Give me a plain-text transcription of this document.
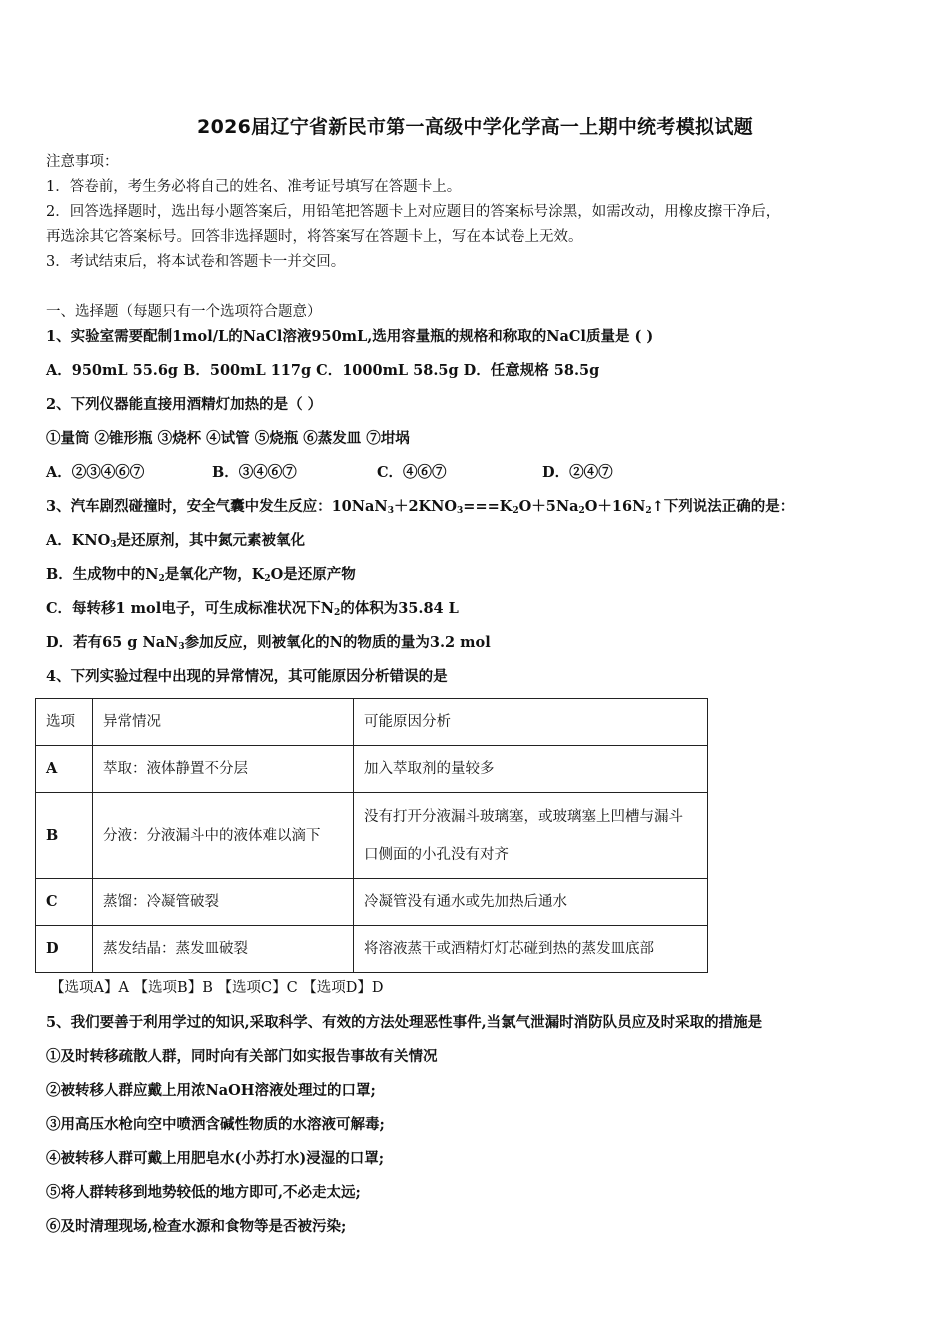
2026届辽宁省新民市第一高级中学化学高一上期中统考模拟试题
注意事项：
1．答卷前，考生务必将自己的姓名、准考证号填写在答题卡上。
2．回答选择题时，选出每小题答案后，用铅笔把答题卡上对应题目的答案标号涂黑，如需改动，用橡皮擦干净后，
再选涂其它答案标号。回答非选择题时，将答案写在答题卡上，写在本试卷上无效。
3．考试结束后，将本试卷和答题卡一并交回。
一、选择题（每题只有一个选项符合题意）
1、实验室需要配制1mol/L的NaCl溶液950mL,选用容量瓶的规格和称取的NaCl质量是 ( )
A．950mL 55.6g B．500mL 117g C．1000mL 58.5g D．任意规格 58.5g
2、下列仪器能直接用酒精灯加热的是（ ）
①量筒 ②锥形瓶 ③烧杯 ④试管 ⑤烧瓶 ⑥蒸发皿 ⑦坩埚
A．②③④⑥⑦	B．③④⑥⑦	C．④⑥⑦	D．②④⑦
3、汽车剧烈碰撞时，安全气囊中发生反应：$10NaN_3+2KNO_3===K_2O+5Na_2O+16N_2↑$下列说法正确的是：
A．$KNO_3$是还原剂，其中氮元素被氧化
B．生成物中的$N_2$是氧化产物，$K_2O$是还原产物
C．每转移1 mol电子，可生成标准状况下$N_2$的体积为35.84 L
D．若有65 g NaN$_3$参加反应，则被氧化的N的物质的量为3.2 mol
4、下列实验过程中出现的异常情况，其可能原因分析错误的是
选项	异常情况	可能原因分析
A	萃取：液体静置不分层	加入萃取剂的量较多
B	分液：分液漏斗中的液体难以滴下	没有打开分液漏斗玻璃塞，或玻璃塞上凹槽与漏斗口侧面的小孔没有对齐
C	蒸馏：冷凝管破裂	冷凝管没有通水或先加热后通水
D	蒸发结晶：蒸发皿破裂	将溶液蒸干或酒精灯灯芯碰到热的蒸发皿底部
【选项A】A 【选项B】B 【选项C】C 【选项D】D
5、我们要善于利用学过的知识,采取科学、有效的方法处理恶性事件,当氯气泄漏时消防队员应及时采取的措施是
①及时转移疏散人群，同时向有关部门如实报告事故有关情况
②被转移人群应戴上用浓NaOH溶液处理过的口罩;
③用高压水枪向空中喷洒含碱性物质的水溶液可解毒;
④被转移人群可戴上用肥皂水(小苏打水)浸湿的口罩;
⑤将人群转移到地势较低的地方即可,不必走太远;
⑥及时清理现场,检查水源和食物等是否被污染;
